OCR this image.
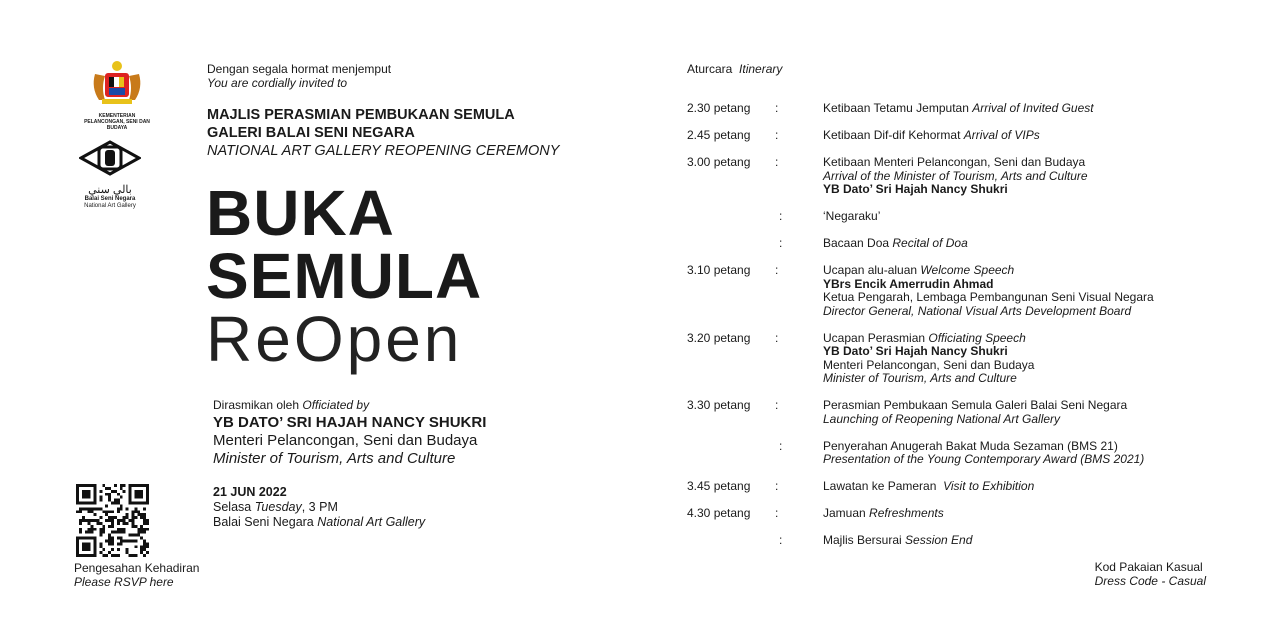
KEMENTERIAN PELANCONGAN, SENI DAN BUDAYA
ﺑﺎﻟﻲ ﺳﻨﻲ
Balai Seni Negara
National Art Gallery
Dengan segala hormat menjemput
You are cordially invited to
MAJLIS PERASMIAN PEMBUKAAN SEMULA
GALERI BALAI SENI NEGARA
NATIONAL ART GALLERY REOPENING CEREMONY
BUKA
SEMULA
ReOpen
Dirasmikan oleh Officiated by
YB DATO’ SRI HAJAH NANCY SHUKRI
Menteri Pelancongan, Seni dan Budaya
Minister of Tourism, Arts and Culture
21 JUN 2022
Selasa Tuesday, 3 PM
Balai Seni Negara National Art Gallery
Pengesahan Kehadiran
Please RSVP here
Aturcara Itinerary
2.30 petang	:	Ketibaan Tetamu Jemputan Arrival of Invited Guest
2.45 petang	:	Ketibaan Dif-dif Kehormat Arrival of VIPs
3.00 petang	:	Ketibaan Menteri Pelancongan, Seni dan Budaya
Arrival of the Minister of Tourism, Arts and Culture
YB Dato’ Sri Hajah Nancy Shukri
:	‘Negaraku’
:	Bacaan Doa Recital of Doa
3.10 petang	:	Ucapan alu-aluan Welcome Speech
YBrs Encik Amerrudin Ahmad
Ketua Pengarah, Lembaga Pembangunan Seni Visual Negara
Director General, National Visual Arts Development Board
3.20 petang	:	Ucapan Perasmian Officiating Speech
YB Dato’ Sri Hajah Nancy Shukri
Menteri Pelancongan, Seni dan Budaya
Minister of Tourism, Arts and Culture
3.30 petang	:	Perasmian Pembukaan Semula Galeri Balai Seni Negara
Launching of Reopening National Art Gallery
:	Penyerahan Anugerah Bakat Muda Sezaman (BMS 21)
Presentation of the Young Contemporary Award (BMS 2021)
3.45 petang	:	Lawatan ke Pameran  Visit to Exhibition
4.30 petang	:	Jamuan Refreshments
:	Majlis Bersurai Session End
Kod Pakaian Kasual
Dress Code - Casual
